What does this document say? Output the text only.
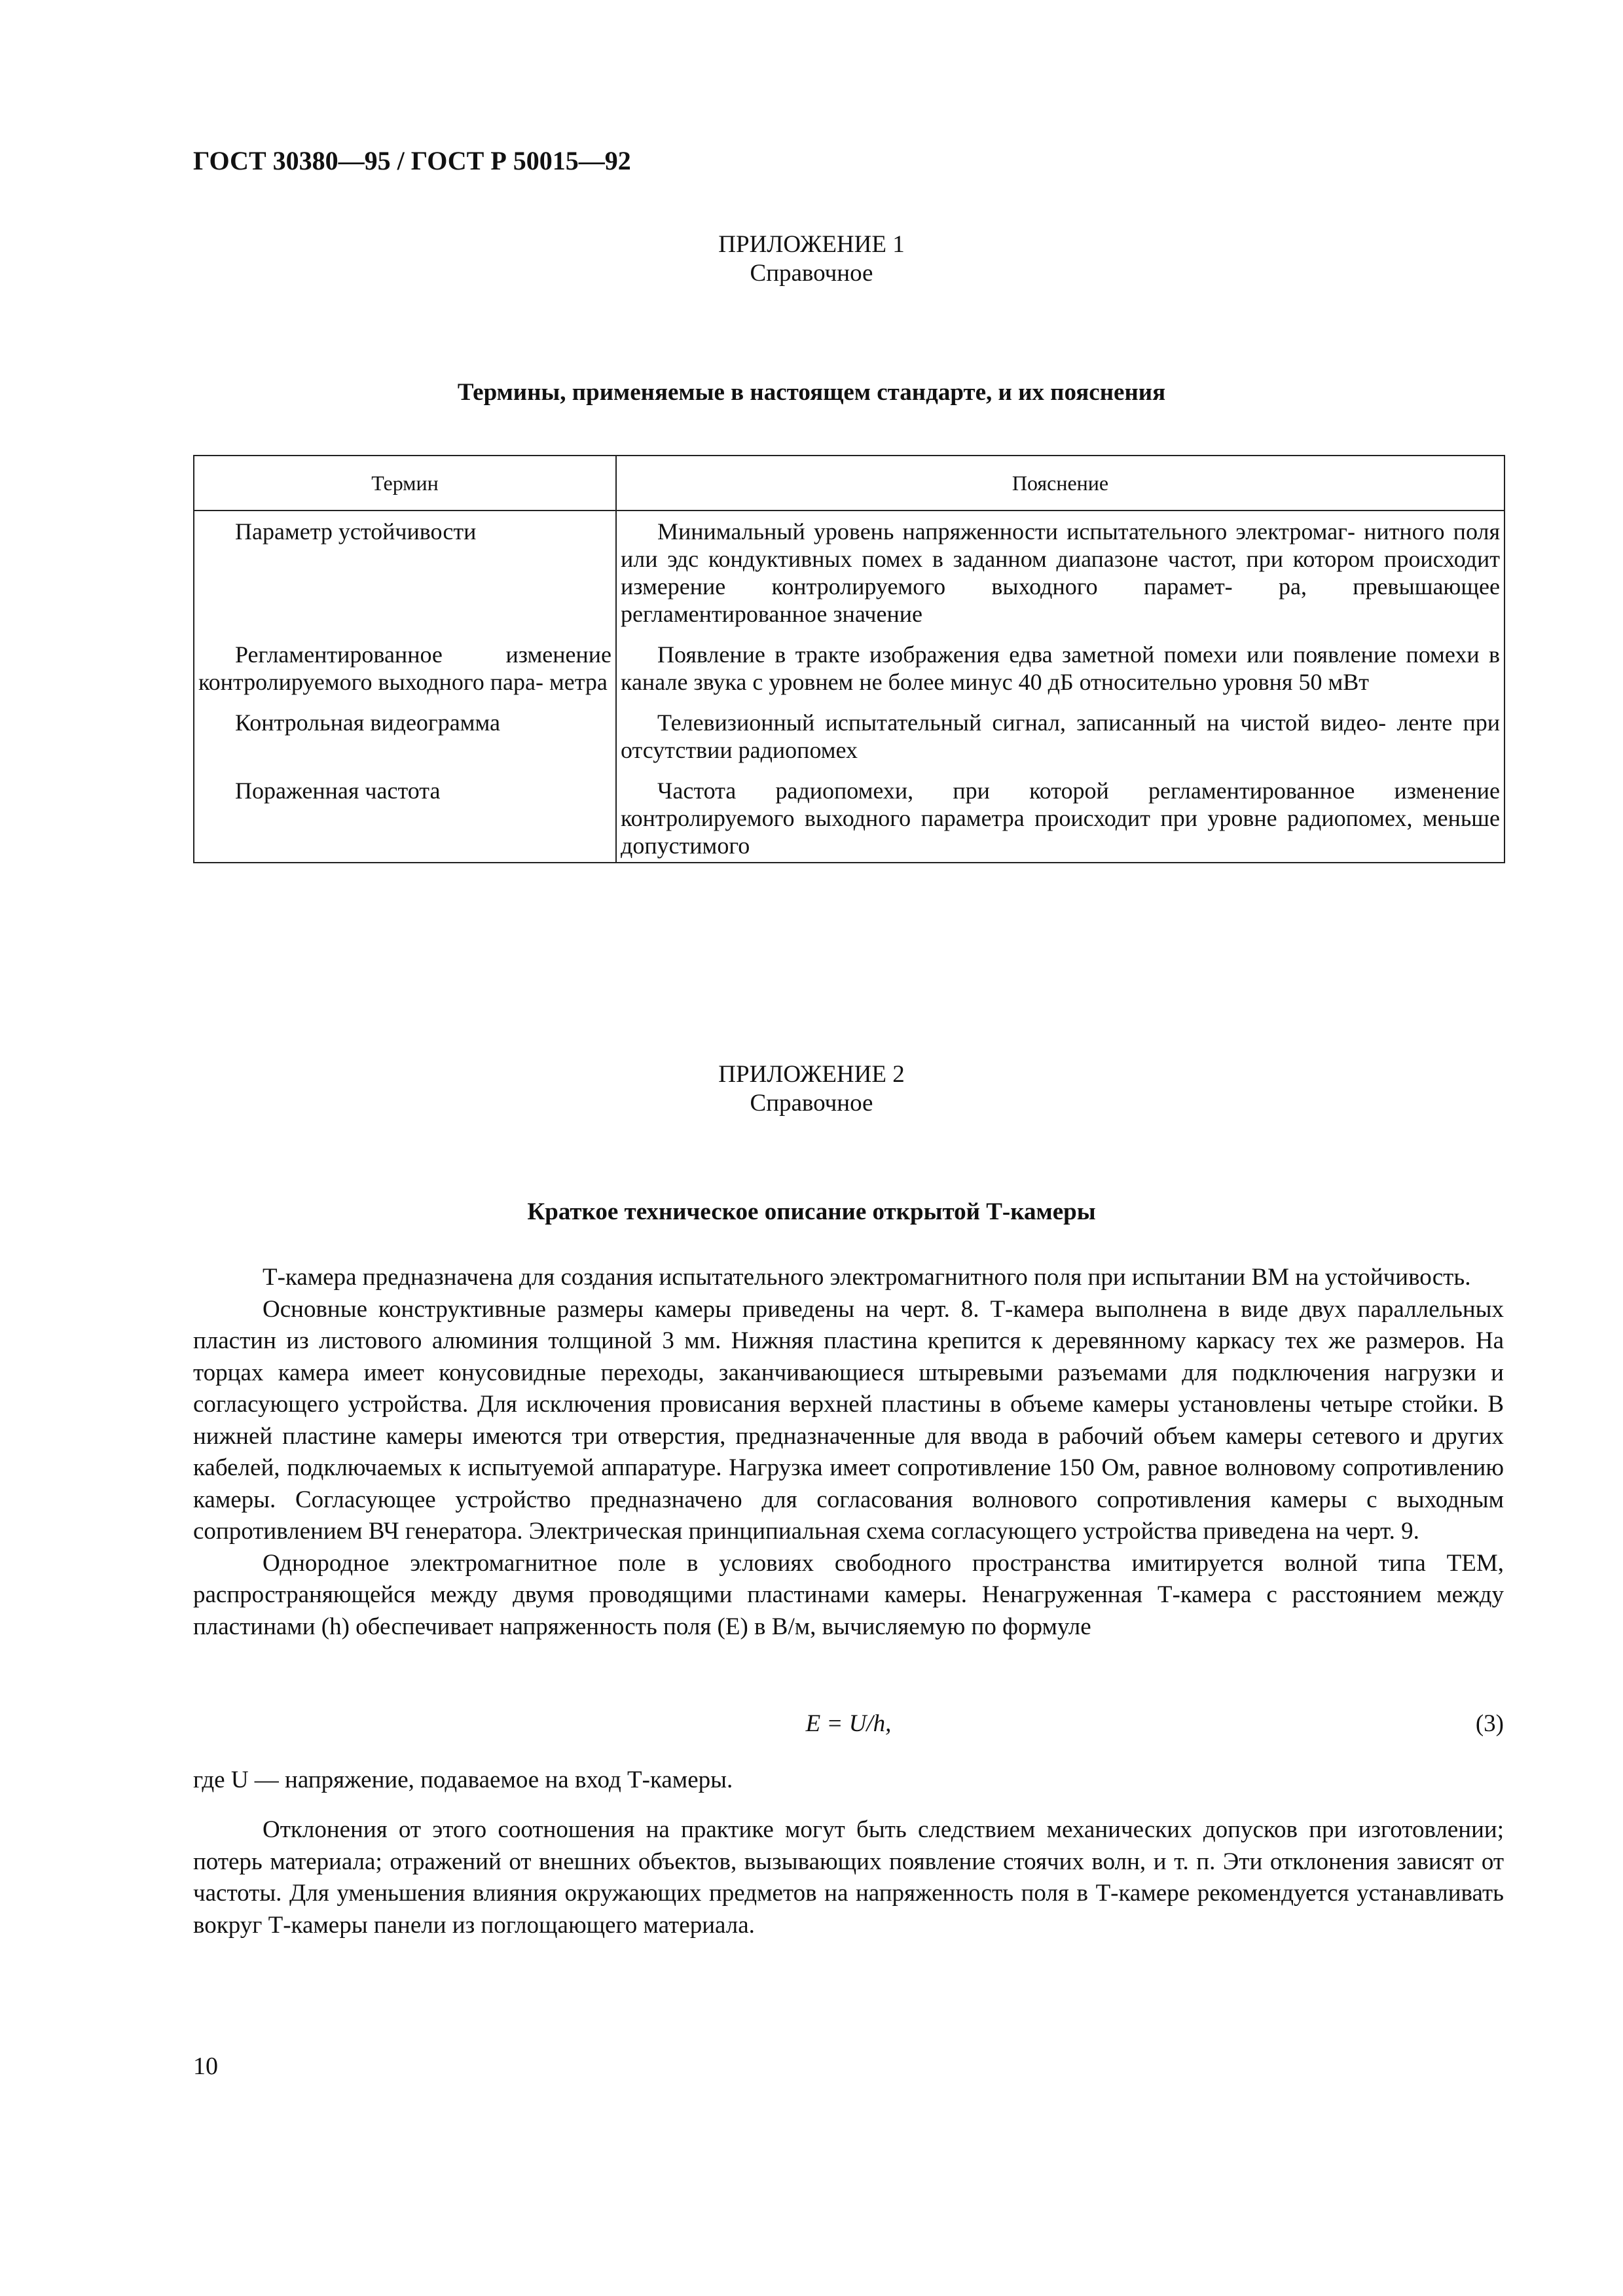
ГОСТ 30380—95 / ГОСТ Р 50015—92
ПРИЛОЖЕНИЕ 1
Справочное
Термины, применяемые в настоящем стандарте, и их пояснения
Термин	Пояснение
Параметр устойчивости	Минимальный уровень напряженности испытательного электромаг- нитного поля или эдс кондуктивных помех в заданном диапазоне частот, при котором происходит измерение контролируемого выходного парамет- ра, превышающее регламентированное значение
Регламентированное изменение контролируемого выходного пара- метра	Появление в тракте изображения едва заметной помехи или появление помехи в канале звука с уровнем не более минус 40 дБ относительно уровня 50 мВт
Контрольная видеограмма	Телевизионный испытательный сигнал, записанный на чистой видео- ленте при отсутствии радиопомех
Пораженная частота	Частота радиопомехи, при которой регламентированное изменение контролируемого выходного параметра происходит при уровне радиопомех, меньше допустимого
ПРИЛОЖЕНИЕ 2
Справочное
Краткое техническое описание открытой Т-камеры

Т-камера предназначена для создания испытательного электромагнитного поля при испытании ВМ на устойчивость.

Основные конструктивные размеры камеры приведены на черт. 8. Т-камера выполнена в виде двух параллельных пластин из листового алюминия толщиной 3 мм. Нижняя пластина крепится к деревянному каркасу тех же размеров. На торцах камера имеет конусовидные переходы, заканчивающиеся штыревыми разъемами для подключения нагрузки и согласующего устройства. Для исключения провисания верхней пластины в объеме камеры установлены четыре стойки. В нижней пластине камеры имеются три отверстия, предназначенные для ввода в рабочий объем камеры сетевого и других кабелей, подключаемых к испытуемой аппаратуре. Нагрузка имеет сопротивление 150 Ом, равное волновому сопротивлению камеры. Согласующее устройство предназначено для согласования волнового сопротивления камеры с выходным сопротивлением ВЧ генератора. Электрическая принципиальная схема согласующего устройства приведена на черт. 9.

Однородное электромагнитное поле в условиях свободного пространства имитируется волной типа ТЕМ, распространяющейся между двумя проводящими пластинами камеры. Ненагруженная Т-камера с расстоянием между пластинами (h) обеспечивает напряженность поля (E) в В/м, вычисляемую по формуле

E = U/h,	(3)
где U — напряжение, подаваемое на вход Т-камеры.

Отклонения от этого соотношения на практике могут быть следствием механических допусков при изготовлении; потерь материала; отражений от внешних объектов, вызывающих появление стоячих волн, и т. п. Эти отклонения зависят от частоты. Для уменьшения влияния окружающих предметов на напряженность поля в Т-камере рекомендуется устанавливать вокруг Т-камеры панели из поглощающего материала.

10
